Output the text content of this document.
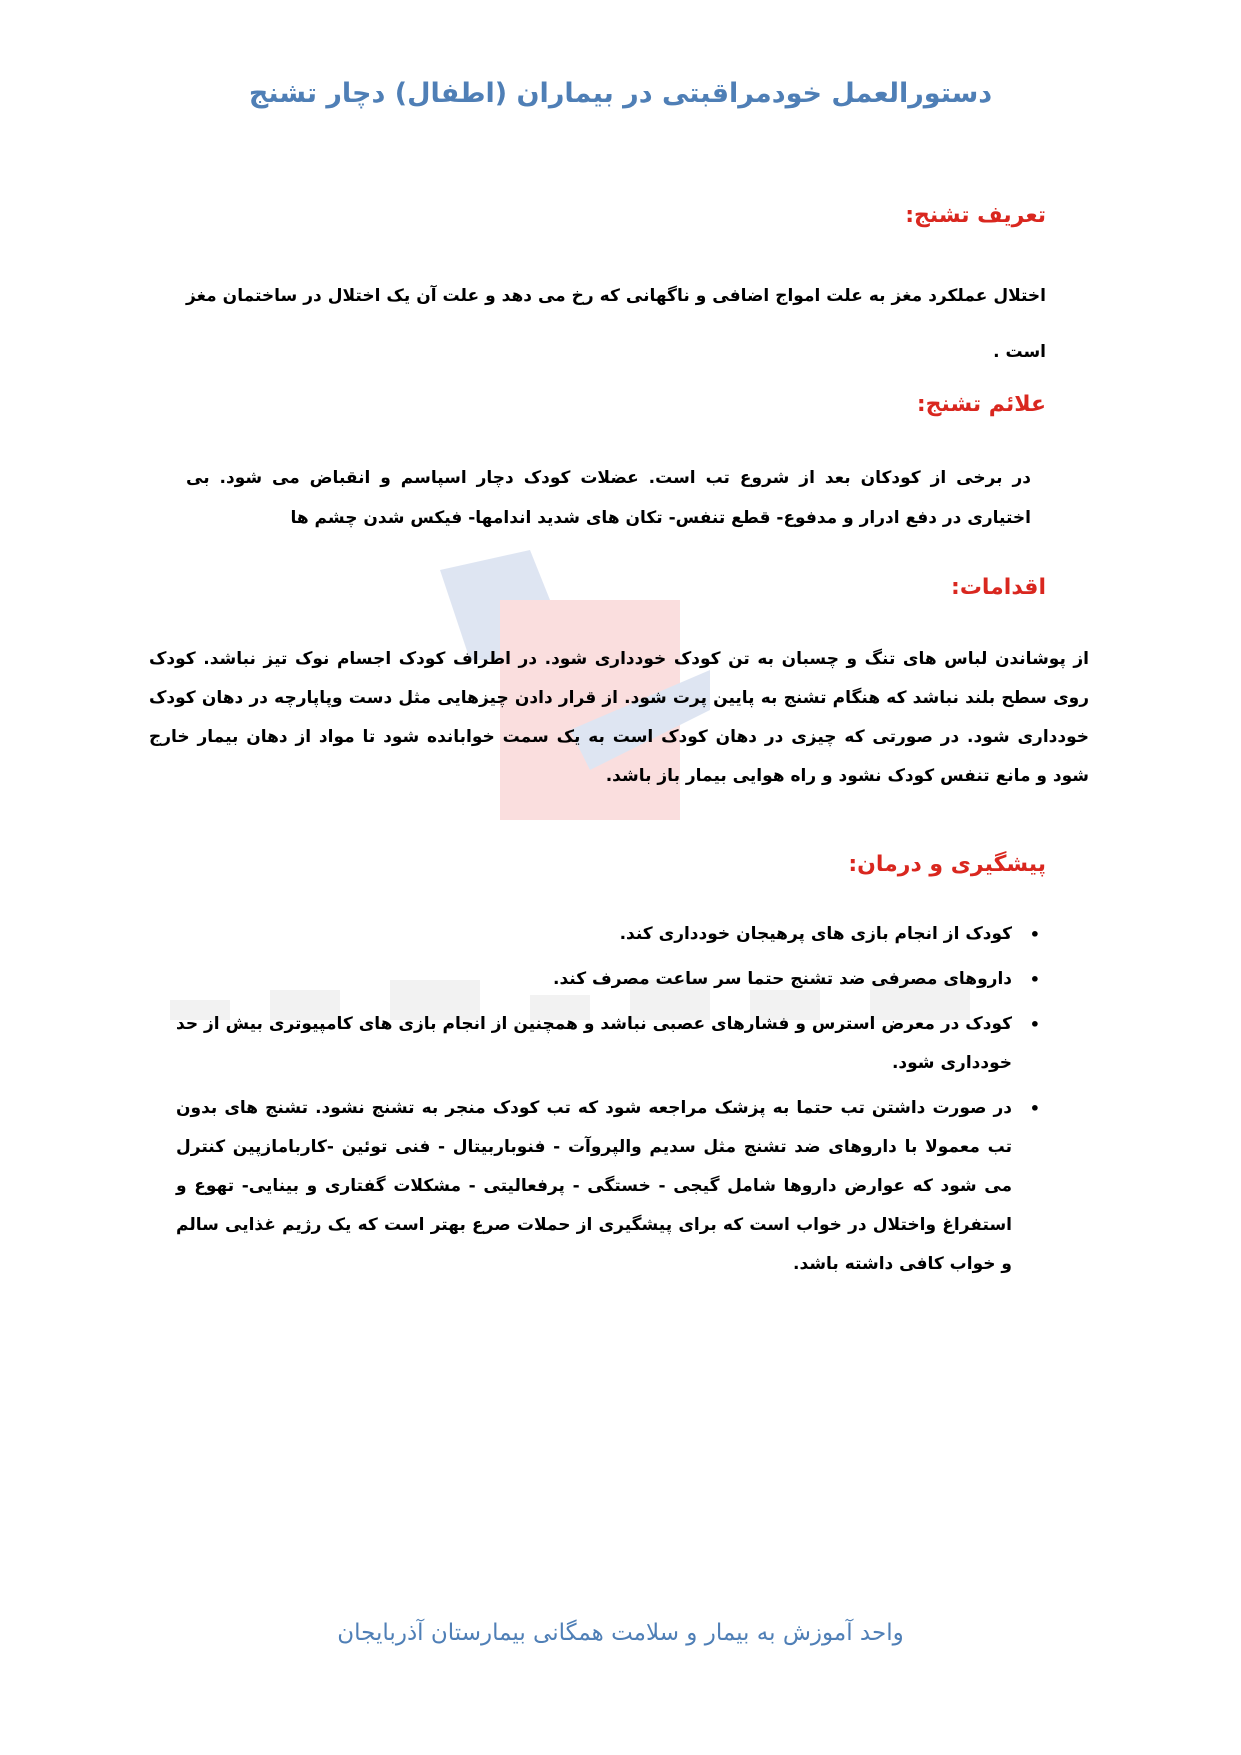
دستورالعمل خودمراقبتی در بیماران (اطفال) دچار تشنج
تعریف تشنج:
اختلال عملکرد مغز به علت امواج اضافی و ناگهانی که رخ می دهد و علت آن یک اختلال در ساختمان مغز است .
علائم تشنج:
در برخی از کودکان بعد از شروع تب است. عضلات کودک دچار اسپاسم و انقباض می شود. بی اختیاری در دفع ادرار و مدفوع- قطع تنفس- تکان های شدید اندامها- فیکس شدن چشم ها
اقدامات:
از پوشاندن لباس های تنگ و چسبان به تن کودک خودداری شود. در اطراف کودک اجسام نوک تیز نباشد. کودک روی سطح بلند نباشد که هنگام تشنج به پایین پرت شود. از قرار دادن چیزهایی مثل دست وپاپارچه در دهان کودک خودداری شود. در صورتی که چیزی در دهان کودک است به یک سمت خوابانده شود تا مواد از دهان بیمار خارج شود و مانع تنفس کودک نشود و راه هوایی بیمار باز باشد.
پیشگیری و درمان:
•
کودک از انجام بازی های پرهیجان خودداری کند.
•
داروهای مصرفی ضد تشنج حتما سر ساعت مصرف کند.
•
کودک در معرض استرس و فشارهای عصبی نباشد و همچنین از انجام بازی های کامپیوتری بیش از حد خودداری شود.
•
در صورت داشتن تب حتما به پزشک مراجعه شود که تب کودک منجر به تشنج نشود. تشنج های بدون تب معمولا با داروهای ضد تشنج مثل سدیم والپروآت - فنوباربیتال - فنی توئین -کاربامازپین کنترل می شود که عوارض داروها شامل گیجی - خستگی - پرفعالیتی - مشکلات گفتاری و بینایی- تهوع و استفراغ واختلال در خواب است که برای پیشگیری از حملات صرع بهتر است که یک رژیم غذایی سالم و خواب کافی داشته باشد.
واحد آموزش به بیمار و سلامت همگانی بیمارستان آذربایجان
